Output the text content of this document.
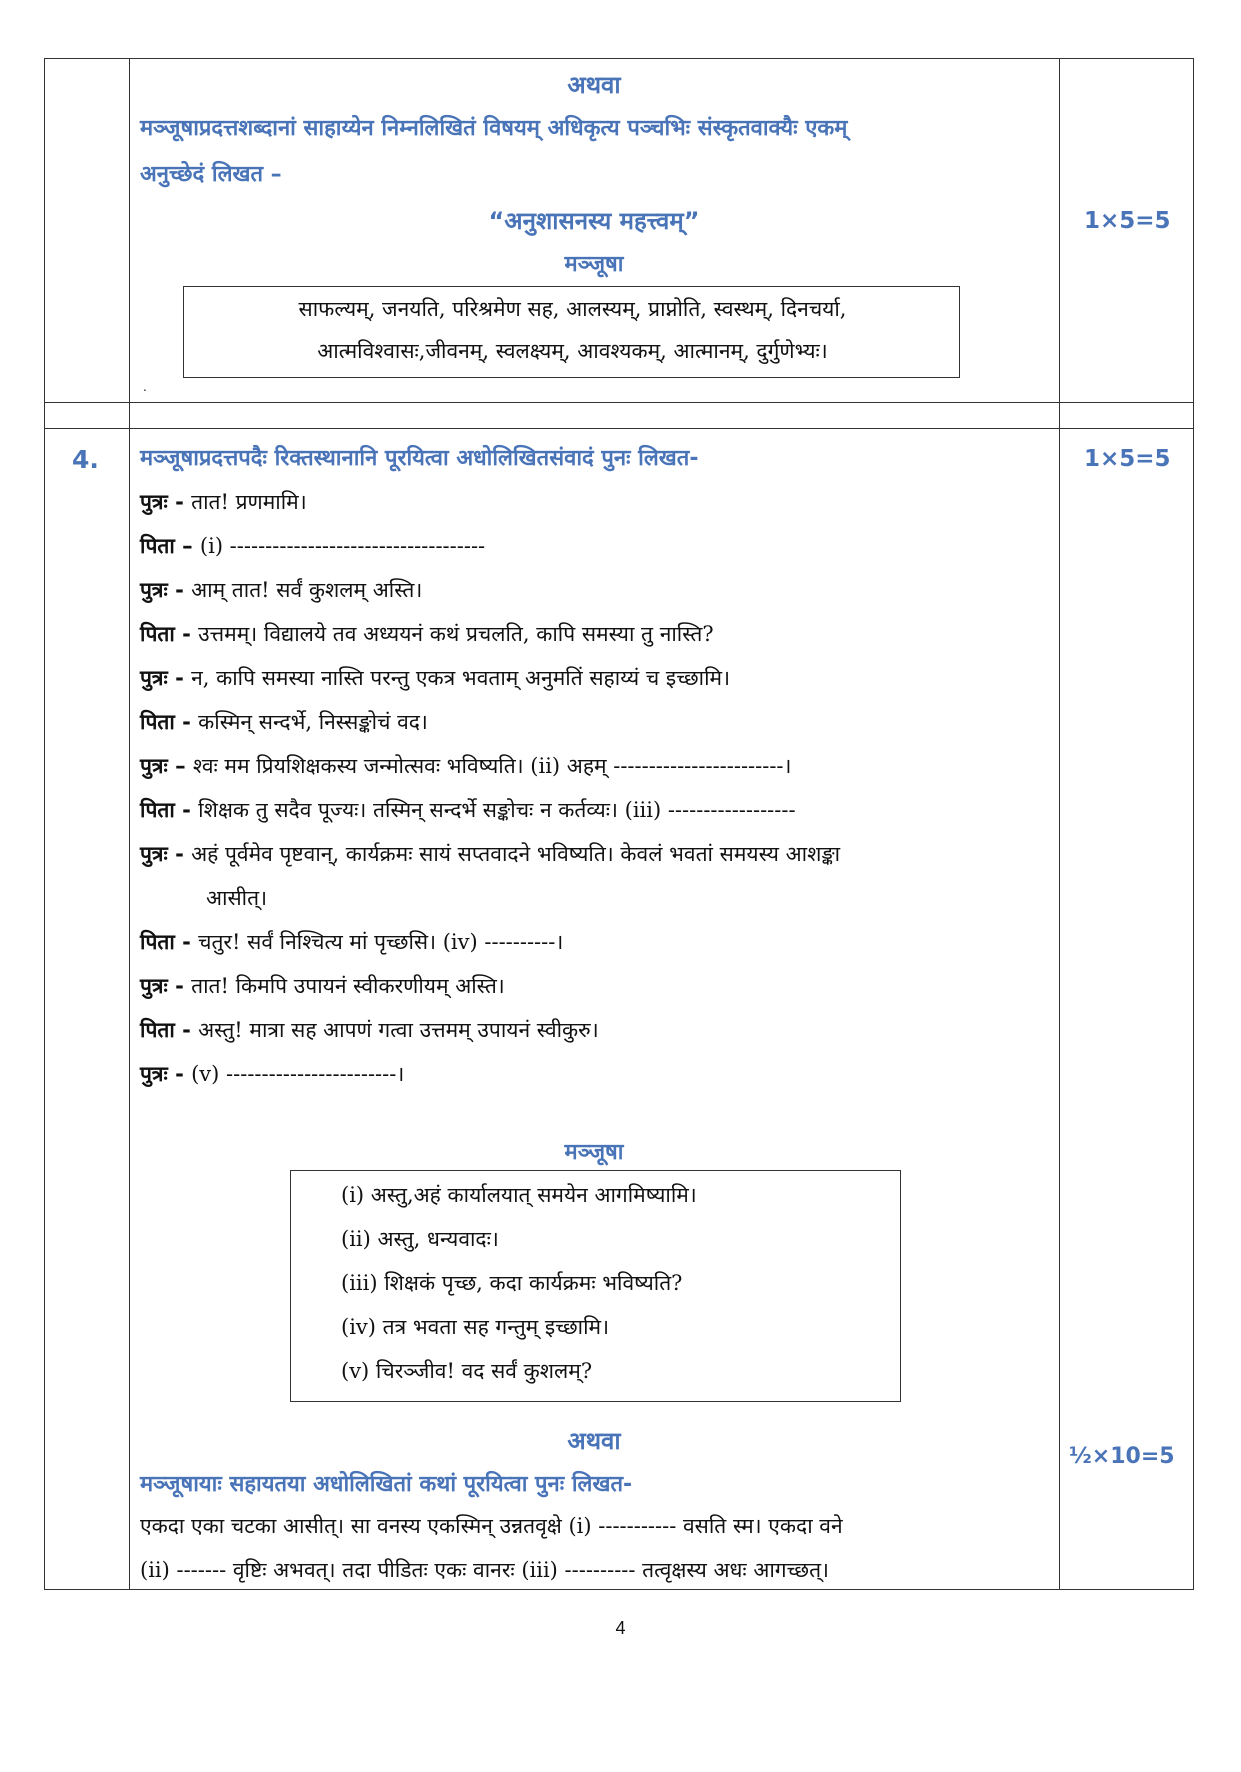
अथवा
मञ्जूषाप्रदत्तशब्दानां साहाय्येन निम्नलिखितं विषयम् अधिकृत्य पञ्चभिः संस्कृतवाक्यैः एकम्
अनुच्छेदं लिखत –
“अनुशासनस्य महत्त्वम्”
मञ्जूषा
1×5=5
साफल्यम्, जनयति, परिश्रमेण सह, आलस्यम्, प्राप्नोति, स्वस्थम्, दिनचर्या,
आत्मविश्वासः,जीवनम्, स्वलक्ष्यम्, आवश्यकम्, आत्मानम्, दुर्गुणेभ्यः।
.
4. मञ्जूषाप्रदत्तपदैः रिक्तस्थानानि पूरयित्वा अधोलिखितसंवादं पुनः लिखत-	1×5=5
पुत्रः - तात! प्रणमामि।
पिता – (i) ------------------------------------
पुत्रः - आम् तात! सर्वं कुशलम् अस्ति।
पिता - उत्तमम्। विद्यालये तव अध्ययनं कथं प्रचलति, कापि समस्या तु नास्ति?
पुत्रः - न, कापि समस्या नास्ति परन्तु एकत्र भवताम् अनुमतिं सहाय्यं च इच्छामि।
पिता - कस्मिन् सन्दर्भे, निस्सङ्कोचं वद।
पुत्रः – श्वः मम प्रियशिक्षकस्य जन्मोत्सवः भविष्यति। (ii) अहम् ------------------------।
पिता - शिक्षक तु सदैव पूज्यः। तस्मिन् सन्दर्भे सङ्कोचः न कर्तव्यः। (iii) ------------------
पुत्रः - अहं पूर्वमेव पृष्टवान्, कार्यक्रमः सायं सप्तवादने भविष्यति। केवलं भवतां समयस्य आशङ्का
आसीत्।
पिता - चतुर! सर्वं निश्चित्य मां पृच्छसि। (iv) ----------।
पुत्रः - तात! किमपि उपायनं स्वीकरणीयम् अस्ति।
पिता - अस्तु! मात्रा सह आपणं गत्वा उत्तमम् उपायनं स्वीकुरु।
पुत्रः - (v) ------------------------।
मञ्जूषा
(i) अस्तु,अहं कार्यालयात् समयेन आगमिष्यामि।
(ii) अस्तु, धन्यवादः।
(iii) शिक्षकं पृच्छ, कदा कार्यक्रमः भविष्यति?
(iv) तत्र भवता सह गन्तुम् इच्छामि।
(v) चिरञ्जीव! वद सर्वं कुशलम्?
अथवा
मञ्जूषायाः सहायतया अधोलिखितां कथां पूरयित्वा पुनः लिखत-
½×10=5
एकदा एका चटका आसीत्। सा वनस्य एकस्मिन् उन्नतवृक्षे (i) ----------- वसति स्म। एकदा वने
(ii) ------- वृष्टिः अभवत्। तदा पीडितः एकः वानरः (iii) ---------- तत्वृक्षस्य अधः आगच्छत्।
4
